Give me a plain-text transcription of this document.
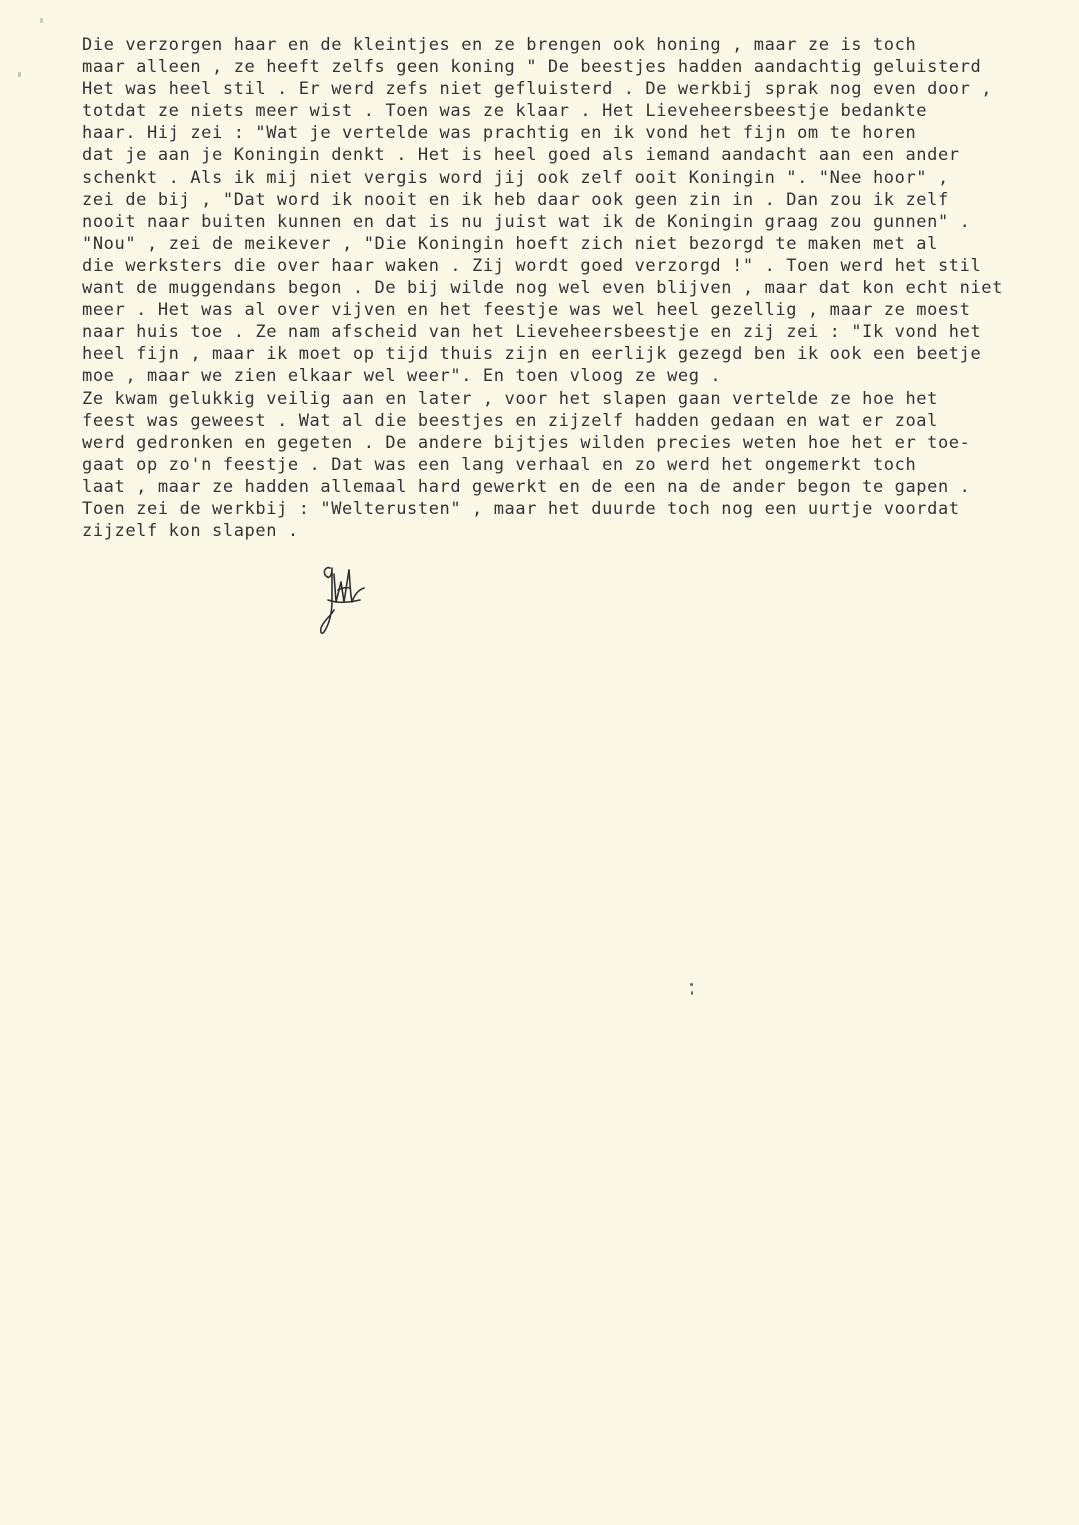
Die verzorgen haar en de kleintjes en ze brengen ook honing , maar ze is toch
maar alleen , ze heeft zelfs geen koning " De beestjes hadden aandachtig geluisterd
Het was heel stil . Er werd zefs niet gefluisterd . De werkbij sprak nog even door ,
totdat ze niets meer wist . Toen was ze klaar . Het Lieveheersbeestje bedankte
haar. Hij zei : "Wat je vertelde was prachtig en ik vond het fijn om te horen
dat je aan je Koningin denkt . Het is heel goed als iemand aandacht aan een ander
schenkt . Als ik mij niet vergis word jij ook zelf ooit Koningin ". "Nee hoor" ,
zei de bij , "Dat word ik nooit en ik heb daar ook geen zin in . Dan zou ik zelf
nooit naar buiten kunnen en dat is nu juist wat ik de Koningin graag zou gunnen" .
"Nou" , zei de meikever , "Die Koningin hoeft zich niet bezorgd te maken met al
die werksters die over haar waken . Zij wordt goed verzorgd !" . Toen werd het stil
want de muggendans begon . De bij wilde nog wel even blijven , maar dat kon echt niet
meer . Het was al over vijven en het feestje was wel heel gezellig , maar ze moest
naar huis toe . Ze nam afscheid van het Lieveheersbeestje en zij zei : "Ik vond het
heel fijn , maar ik moet op tijd thuis zijn en eerlijk gezegd ben ik ook een beetje
moe , maar we zien elkaar wel weer". En toen vloog ze weg .
Ze kwam gelukkig veilig aan en later , voor het slapen gaan vertelde ze hoe het
feest was geweest . Wat al die beestjes en zijzelf hadden gedaan en wat er zoal
werd gedronken en gegeten . De andere bijtjes wilden precies weten hoe het er toe-
gaat op zo'n feestje . Dat was een lang verhaal en zo werd het ongemerkt toch
laat , maar ze hadden allemaal hard gewerkt en de een na de ander begon te gapen .
Toen zei de werkbij : "Welterusten" , maar het duurde toch nog een uurtje voordat
zijzelf kon slapen .
